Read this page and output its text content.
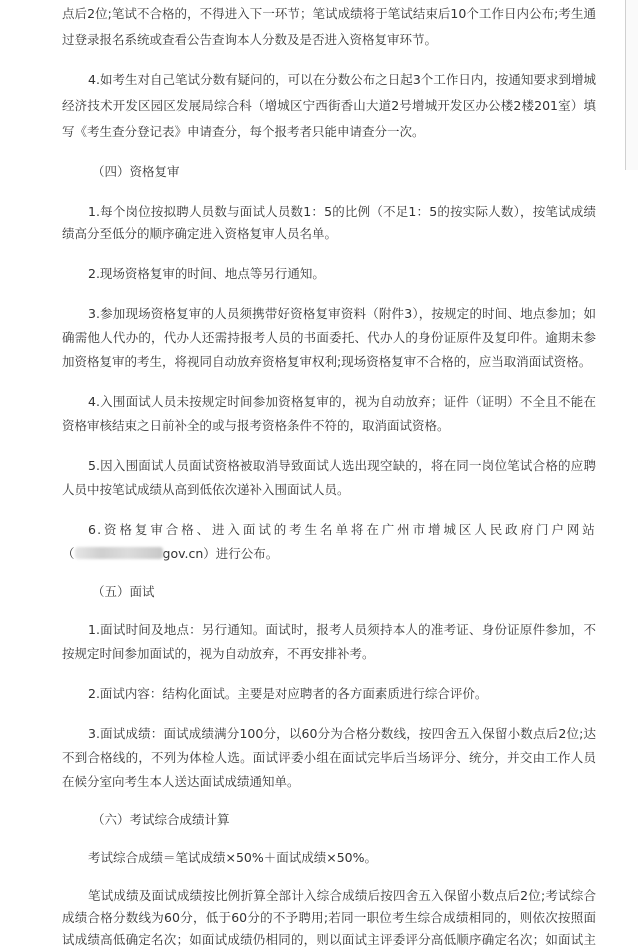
点后2位;笔试不合格的，不得进入下一环节；笔试成绩将于笔试结束后10个工作日内公布;考生通
过登录报名系统或查看公告查询本人分数及是否进入资格复审环节。
4.如考生对自己笔试分数有疑问的，可以在分数公布之日起3个工作日内，按通知要求到增城
经济技术开发区园区发展局综合科（增城区宁西街香山大道2号增城开发区办公楼2楼201室）填
写《考生查分登记表》申请查分，每个报考者只能申请查分一次。
（四）资格复审
1.每个岗位按拟聘人员数与面试人员数1：5的比例（不足1：5的按实际人数），按笔试成绩
绩高分至低分的顺序确定进入资格复审人员名单。
2.现场资格复审的时间、地点等另行通知。
3.参加现场资格复审的人员须携带好资格复审资料（附件3），按规定的时间、地点参加；如
确需他人代办的，代办人还需持报考人员的书面委托、代办人的身份证原件及复印件。逾期未参
加资格复审的考生，将视同自动放弃资格复审权利;现场资格复审不合格的，应当取消面试资格。
4.入围面试人员未按规定时间参加资格复审的，视为自动放弃；证件（证明）不全且不能在
资格审核结束之日前补全的或与报考资格条件不符的，取消面试资格。
5.因入围面试人员面试资格被取消导致面试人选出现空缺的，将在同一岗位笔试合格的应聘
人员中按笔试成绩从高到低依次递补入围面试人员。
6.资格复审合格、进入面试的考生名单将在广州市增城区人民政府门户网站
（	gov.cn）进行公布。
（五）面试
1.面试时间及地点：另行通知。面试时，报考人员须持本人的准考证、身份证原件参加，不
按规定时间参加面试的，视为自动放弃，不再安排补考。
2.面试内容：结构化面试。主要是对应聘者的各方面素质进行综合评价。
3.面试成绩：面试成绩满分100分，以60分为合格分数线，按四舍五入保留小数点后2位;达
不到合格线的，不列为体检人选。面试评委小组在面试完毕后当场评分、统分，并交由工作人员
在候分室向考生本人送达面试成绩通知单。
（六）考试综合成绩计算
考试综合成绩＝笔试成绩×50%＋面试成绩×50%。
笔试成绩及面试成绩按比例折算全部计入综合成绩后按四舍五入保留小数点后2位;考试综合
成绩合格分数线为60分，低于60分的不予聘用;若同一职位考生综合成绩相同的，则依次按照面
试成绩高低确定名次；如面试成绩仍相同的，则以面试主评委评分高低顺序确定名次；如面试主
